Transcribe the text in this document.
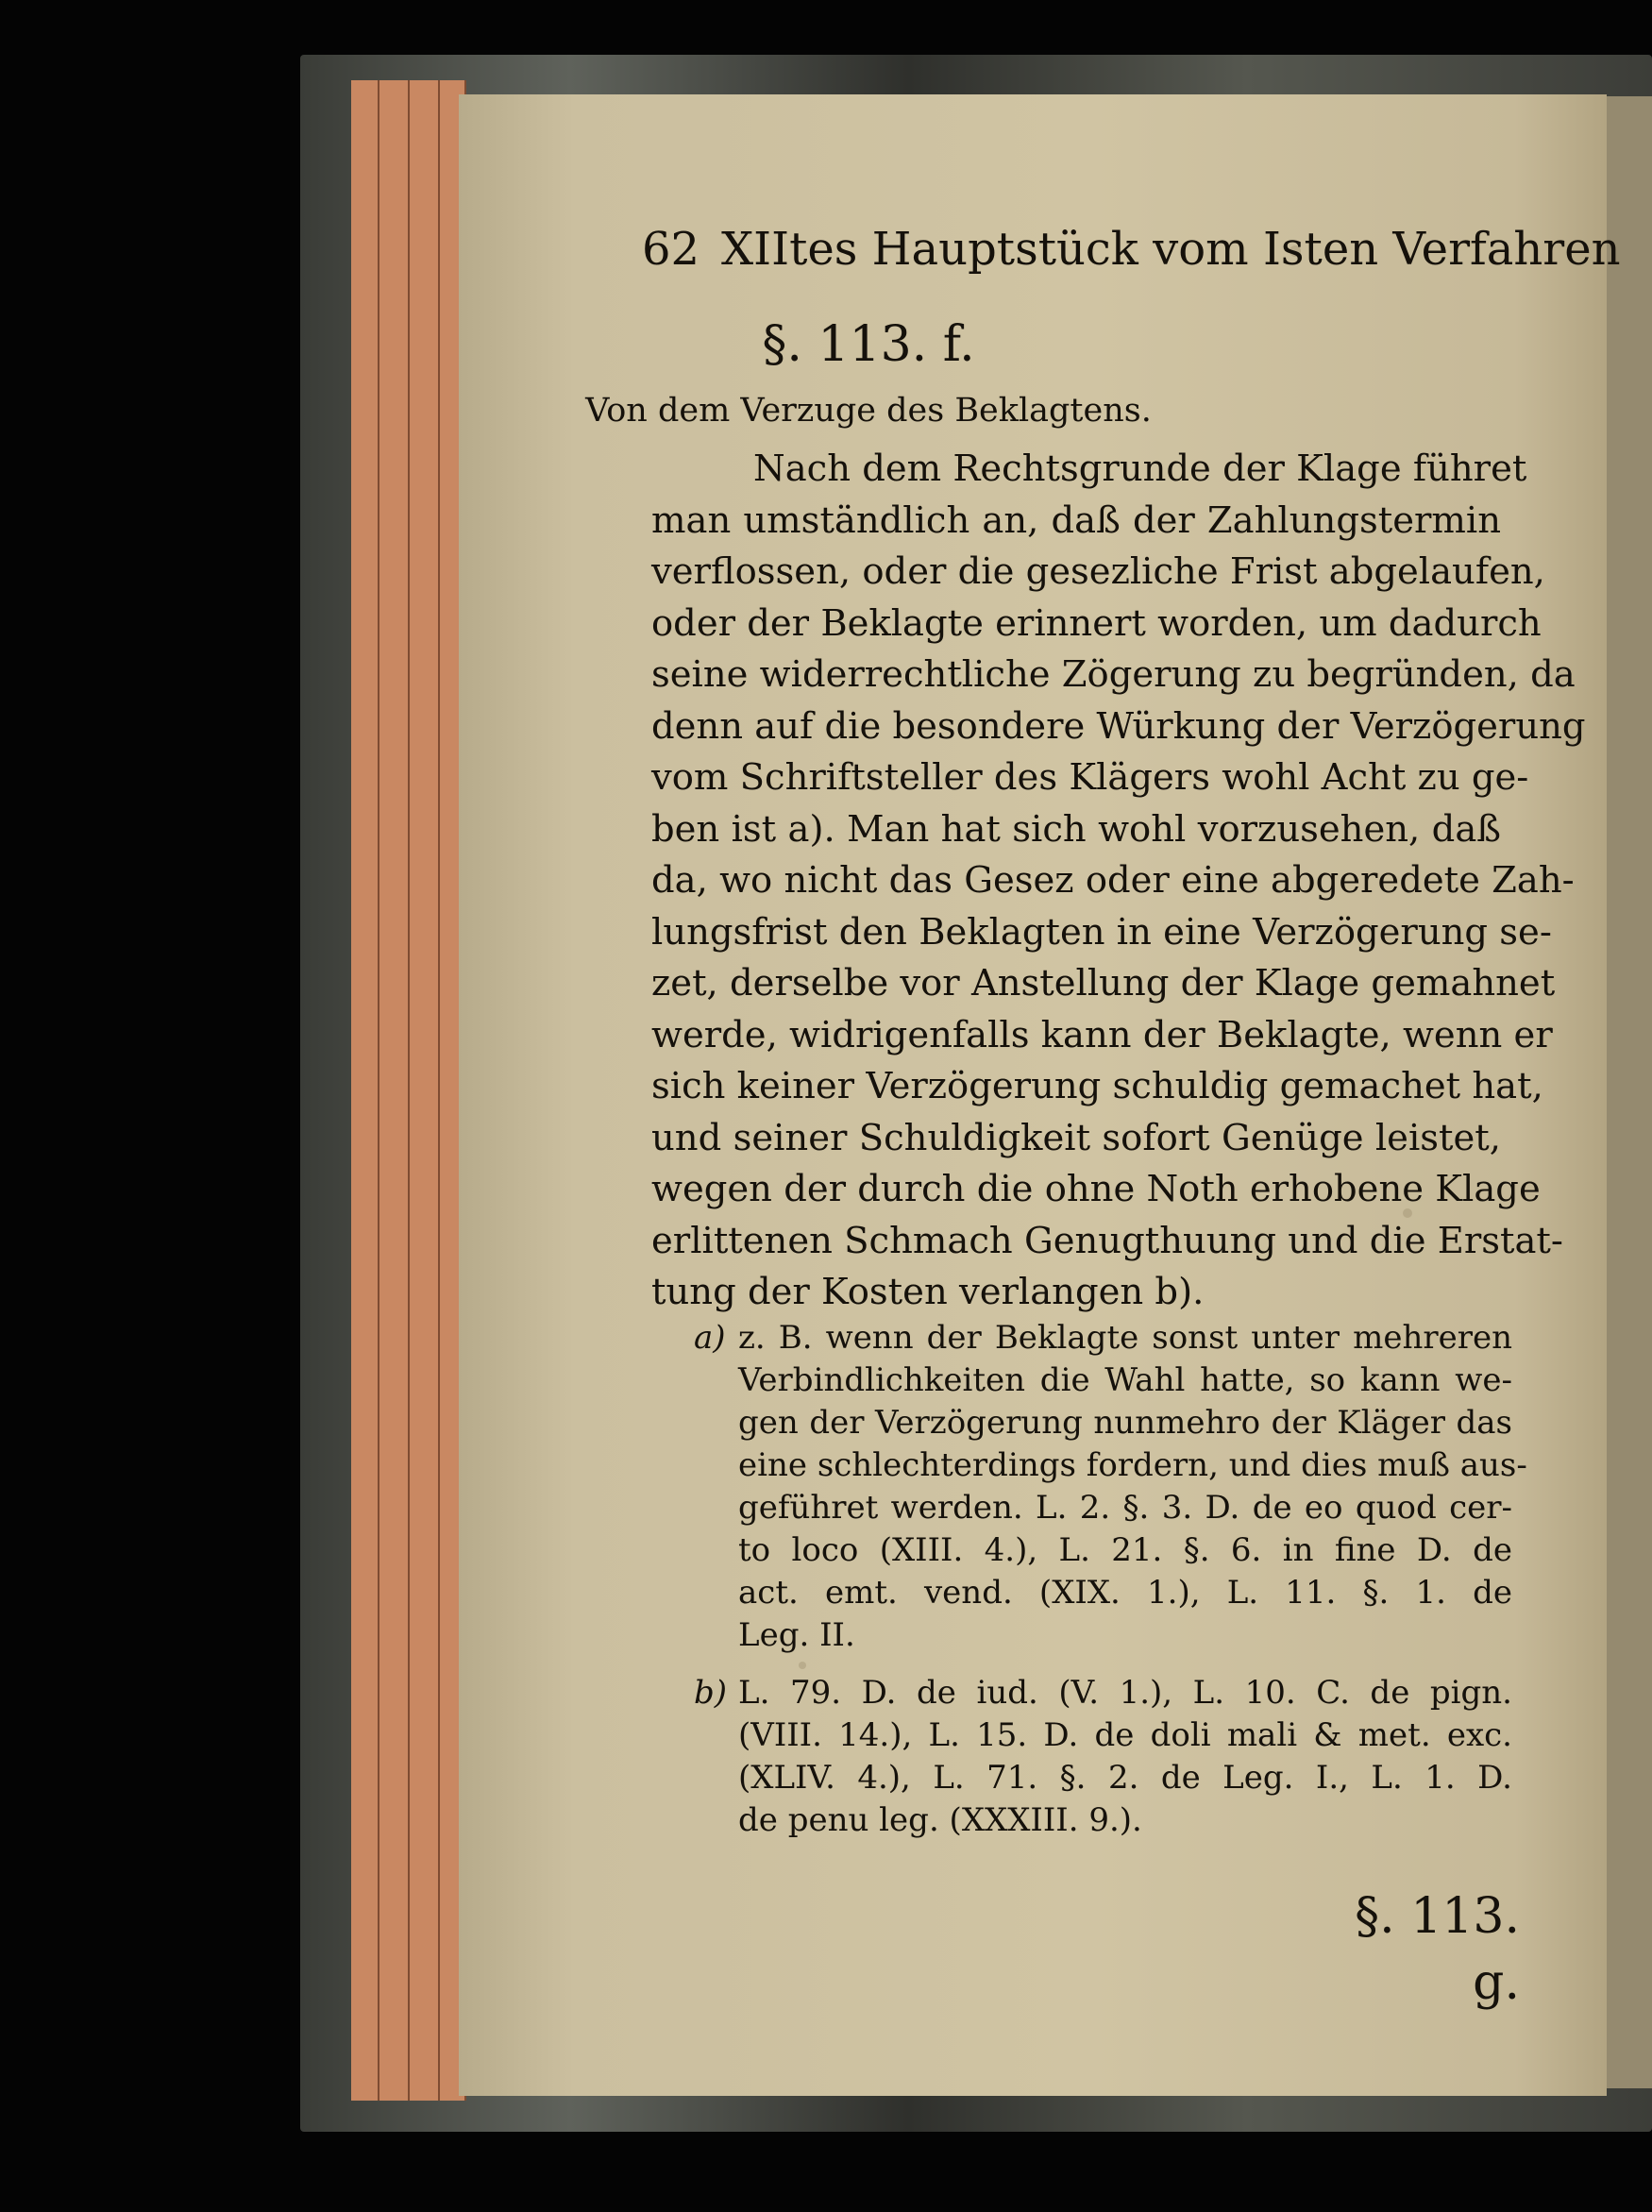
62 XIItes Hauptstück vom Isten Verfahren
§. 113. f.
Von dem Verzuge des Beklagtens.
Nach dem Rechtsgrunde der Klage führet
man umständlich an, daß der Zahlungstermin
verflossen, oder die gesezliche Frist abgelaufen,
oder der Beklagte erinnert worden, um dadurch
seine widerrechtliche Zögerung zu begründen, da
denn auf die besondere Würkung der Verzögerung
vom Schriftsteller des Klägers wohl Acht zu ge-
ben ist a). Man hat sich wohl vorzusehen, daß
da, wo nicht das Gesez oder eine abgeredete Zah-
lungsfrist den Beklagten in eine Verzögerung se-
zet, derselbe vor Anstellung der Klage gemahnet
werde, widrigenfalls kann der Beklagte, wenn er
sich keiner Verzögerung schuldig gemachet hat,
und seiner Schuldigkeit sofort Genüge leistet,
wegen der durch die ohne Noth erhobene Klage
erlittenen Schmach Genugthuung und die Erstat-
tung der Kosten verlangen b).
a) z. B. wenn der Beklagte sonst unter mehreren
Verbindlichkeiten die Wahl hatte, so kann we-
gen der Verzögerung nunmehro der Kläger das
eine schlechterdings fordern, und dies muß aus-
geführet werden. L. 2. §. 3. D. de eo quod cer-
to loco (XIII. 4.), L. 21. §. 6. in fine D. de
act. emt. vend. (XIX. 1.), L. 11. §. 1. de
Leg. II.
b) L. 79. D. de iud. (V. 1.), L. 10. C. de pign.
(VIII. 14.), L. 15. D. de doli mali & met. exc.
(XLIV. 4.), L. 71. §. 2. de Leg. I., L. 1. D.
de penu leg. (XXXIII. 9.).
§. 113. g.
